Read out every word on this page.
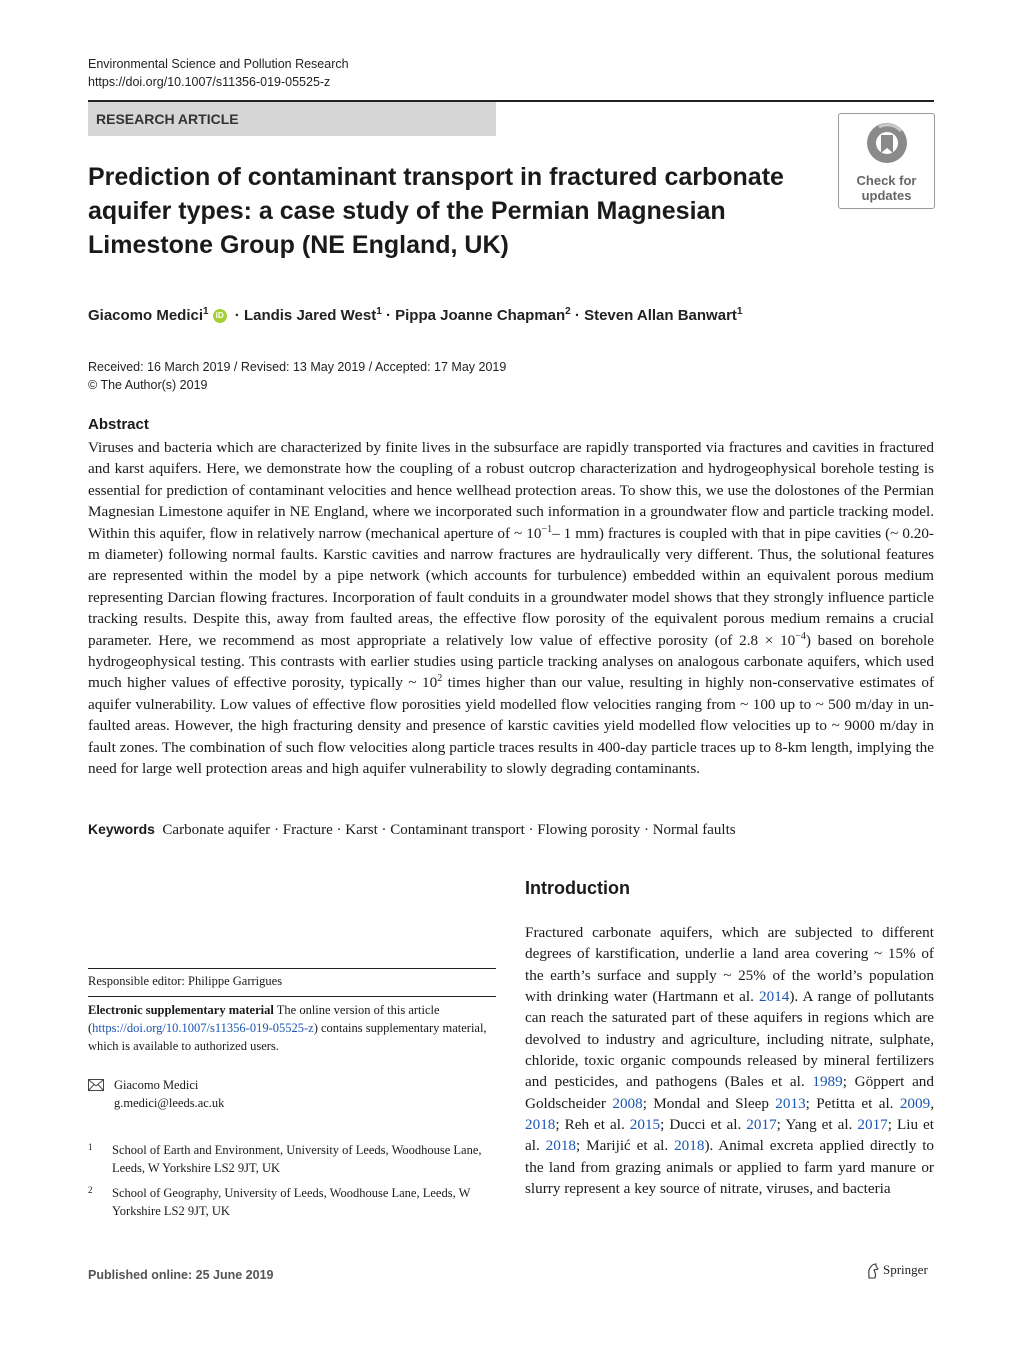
Environmental Science and Pollution Research
https://doi.org/10.1007/s11356-019-05525-z
RESEARCH ARTICLE
Check for
updates
Prediction of contaminant transport in fractured carbonate aquifer types: a case study of the Permian Magnesian Limestone Group (NE England, UK)
Giacomo Medici$^1$ iD · Landis Jared West$^1$ · Pippa Joanne Chapman$^2$ · Steven Allan Banwart$^1$
Received: 16 March 2019 / Revised: 13 May 2019 / Accepted: 17 May 2019
© The Author(s) 2019
Abstract
Viruses and bacteria which are characterized by finite lives in the subsurface are rapidly transported via fractures and cavities in fractured and karst aquifers. Here, we demonstrate how the coupling of a robust outcrop characterization and hydrogeophysical borehole testing is essential for prediction of contaminant velocities and hence wellhead protection areas. To show this, we use the dolostones of the Permian Magnesian Limestone aquifer in NE England, where we incorporated such information in a groundwater flow and particle tracking model. Within this aquifer, flow in relatively narrow (mechanical aperture of ~ $10^{-1}-$ 1 mm) fractures is coupled with that in pipe cavities (~ 0.20-m diameter) following normal faults. Karstic cavities and narrow fractures are hydraulically very different. Thus, the solutional features are represented within the model by a pipe network (which accounts for turbulence) embedded within an equivalent porous medium representing Darcian flowing fractures. Incorporation of fault conduits in a groundwater model shows that they strongly influence particle tracking results. Despite this, away from faulted areas, the effective flow porosity of the equivalent porous medium remains a crucial parameter. Here, we recommend as most appropriate a relatively low value of effective porosity (of $2.8 \times 10^{-4}$) based on borehole hydrogeophysical testing. This contrasts with earlier studies using particle tracking analyses on analogous carbonate aquifers, which used much higher values of effective porosity, typically ~ $10^2$ times higher than our value, resulting in highly non-conservative estimates of aquifer vulnerability. Low values of effective flow porosities yield modelled flow velocities ranging from ~ 100 up to ~ 500 m/day in un-faulted areas. However, the high fracturing density and presence of karstic cavities yield modelled flow velocities up to ~ 9000 m/day in fault zones. The combination of such flow velocities along particle traces results in 400-day particle traces up to 8-km length, implying the need for large well protection areas and high aquifer vulnerability to slowly degrading contaminants.
Keywords Carbonate aquifer · Fracture · Karst · Contaminant transport · Flowing porosity · Normal faults
Introduction
Fractured carbonate aquifers, which are subjected to different degrees of karstification, underlie a land area covering ~ 15% of the earth’s surface and supply ~ 25% of the world’s population with drinking water (Hartmann et al. 2014). A range of pollutants can reach the saturated part of these aquifers in regions which are devolved to industry and agriculture, including nitrate, sulphate, chloride, toxic organic compounds released by mineral fertilizers and pesticides, and pathogens (Bales et al. 1989; Göppert and Goldscheider 2008; Mondal and Sleep 2013; Petitta et al. 2009, 2018; Reh et al. 2015; Ducci et al. 2017; Yang et al. 2017; Liu et al. 2018; Marijić et al. 2018). Animal excreta applied directly to the land from grazing animals or applied to farm yard manure or slurry represent a key source of nitrate, viruses, and bacteria
Responsible editor: Philippe Garrigues
Electronic supplementary material The online version of this article (https://doi.org/10.1007/s11356-019-05525-z) contains supplementary material, which is available to authorized users.
Giacomo Medici
g.medici@leeds.ac.uk
1 School of Earth and Environment, University of Leeds, Woodhouse Lane, Leeds, W Yorkshire LS2 9JT, UK
2 School of Geography, University of Leeds, Woodhouse Lane, Leeds, W Yorkshire LS2 9JT, UK
Published online: 25 June 2019	Springer
